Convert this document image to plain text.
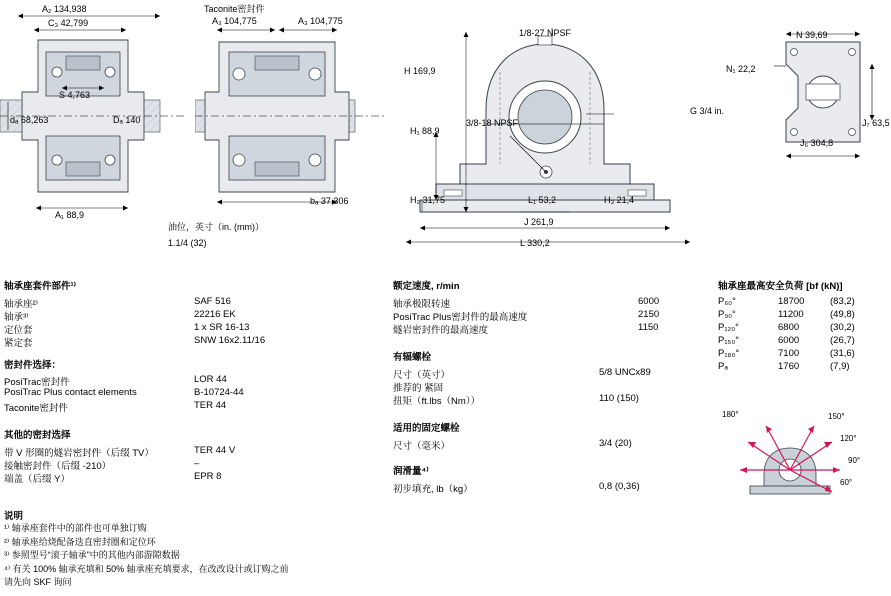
A₂ 134,938
C₃ 42,799
S 4,763
dₐ 68,263	Dₐ 140
A₁ 88,9
Taconite密封件
A₃ 104,775	A₃ 104,775
bₐ 37,306
油位，英寸（in. (mm)）
1.1/4 (32)
1/8-27 NPSF
H 169,9
3/8-18 NPSF
G 3/4 in.
H₁ 88,9
H₂ 31,75	L₁ 53,2	H₃ 21,4
J 261,9
L 330,2
N 39,69
N₁ 22,2
J₇ 63,5
J₆ 304,8
轴承座套件部件¹⁾
轴承座²⁾	SAF 516
轴承³⁾	22216 EK
定位套	1 x SR 16-13
紧定套	SNW 16x2.11/16
密封件选择：
PosiTrac密封件	LOR 44
PosiTrac Plus contact elements	B-10724-44
Taconite密封件	TER 44
其他的密封选择
带 V 形圈的燧岩密封件（后缀 TV）	TER 44 V
接触密封件（后缀 -210）	–
端盖（后缀 Y）	EPR 8
额定速度, r/min
轴承极限转速	6000
PosiTrac Plus密封件的最高速度	2150
燧岩密封件的最高速度	1150
有辐螺栓
尺寸（英寸）	5/8 UNCx89
推荐的 紧固
扭矩（ft.lbs（Nm））	110 (150)
适用的固定螺栓
尺寸（毫米）	3/4 (20)
润滑量⁴⁾
初步填充, lb（kg）	0,8 (0,36)
轴承座最高安全负荷 [bf (kN)]
P₆₀°	18700	(83,2)
P₉₀°	11200	(49,8)
P₁₂₀°	6800	(30,2)
P₁₅₀°	6000	(26,7)
P₁₈₀°	7100	(31,6)
Pₐ	1760	(7,9)
180°	150°
120°
90°
60°
说明
¹⁾ 轴承座套件中的部件也可单独订购
²⁾ 轴承座给烧配备迭直密封圈和定位环
³⁾ 参照型号“滚子轴承”中的其他内部游隙数据
⁴⁾ 有关 100% 轴承充填和 50% 轴承座充填要求，在改改设计或订购之前
请先向 SKF 询问
